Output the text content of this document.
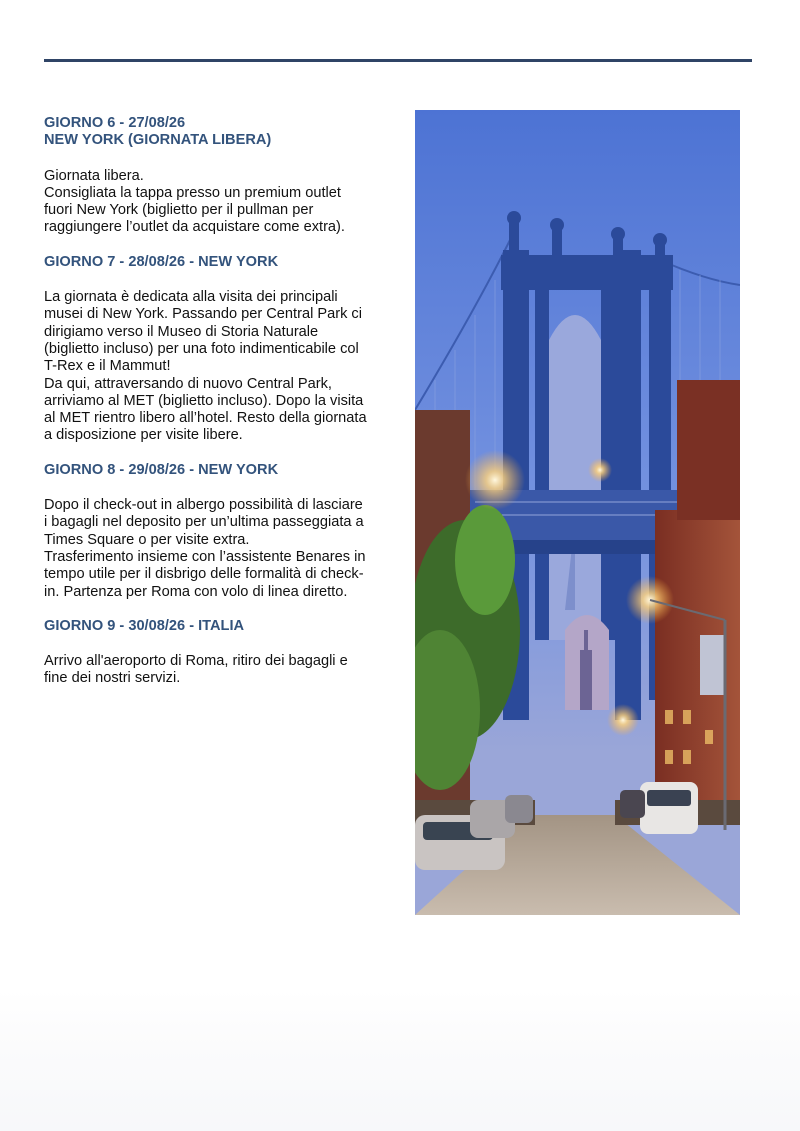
GIORNO 6 - 27/08/26
NEW YORK (GIORNATA LIBERA)

Giornata libera.
Consigliata la tappa presso un premium outlet
fuori New York (biglietto per il pullman per
raggiungere l’outlet da acquistare come extra).

GIORNO 7 - 28/08/26 - NEW YORK

La giornata è dedicata alla visita dei principali
musei di New York. Passando per Central Park ci
dirigiamo verso il Museo di Storia Naturale
(biglietto incluso) per una foto indimenticabile col
T-Rex e il Mammut!
Da qui, attraversando di nuovo Central Park,
arriviamo al MET (biglietto incluso). Dopo la visita
al MET rientro libero all’hotel. Resto della giornata
a disposizione per visite libere.

GIORNO 8 - 29/08/26 - NEW YORK

Dopo il check-out in albergo possibilità di lasciare
i bagagli nel deposito per un’ultima passeggiata a
Times Square o per visite extra.
Trasferimento insieme con l’assistente Benares in
tempo utile per il disbrigo delle formalità di check-
in. Partenza per Roma con volo di linea diretto.

GIORNO 9 - 30/08/26 - ITALIA

Arrivo all'aeroporto di Roma, ritiro dei bagagli e
fine dei nostri servizi.
